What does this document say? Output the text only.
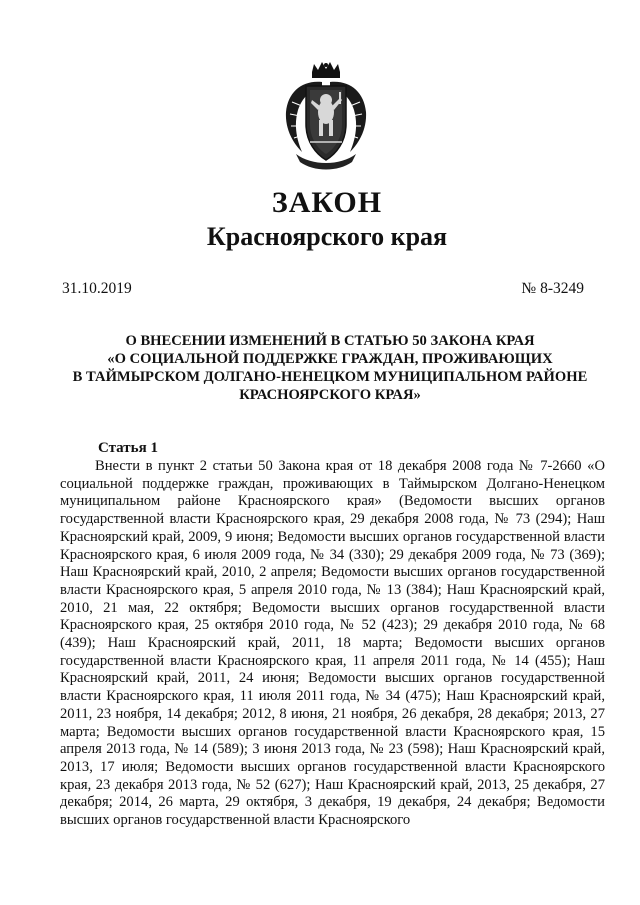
ЗАКОН
Красноярского края
31.10.2019	№ 8-3249
О ВНЕСЕНИИ ИЗМЕНЕНИЙ В СТАТЬЮ 50 ЗАКОНА КРАЯ
«О СОЦИАЛЬНОЙ ПОДДЕРЖКЕ ГРАЖДАН, ПРОЖИВАЮЩИХ
В ТАЙМЫРСКОМ ДОЛГАНО-НЕНЕЦКОМ МУНИЦИПАЛЬНОМ РАЙОНЕ
КРАСНОЯРСКОГО КРАЯ»
Статья 1

Внести в пункт 2 статьи 50 Закона края от 18 декабря 2008 года № 7-2660 «О социальной поддержке граждан, проживающих в Таймырском Долгано-Ненецком муниципальном районе Красноярского края» (Ведомости высших органов государственной власти Красноярского края, 29 декабря 2008 года, № 73 (294); Наш Красноярский край, 2009, 9 июня; Ведомости высших органов государственной власти Красноярского края, 6 июля 2009 года, № 34 (330); 29 декабря 2009 года, № 73 (369); Наш Красноярский край, 2010, 2 апреля; Ведомости высших органов государственной власти Красноярского края, 5 апреля 2010 года, № 13 (384); Наш Красноярский край, 2010, 21 мая, 22 октября; Ведомости высших органов государственной власти Красноярского края, 25 октября 2010 года, № 52 (423); 29 декабря 2010 года, № 68 (439); Наш Красноярский край, 2011, 18 марта; Ведомости высших органов государственной власти Красноярского края, 11 апреля 2011 года, № 14 (455); Наш Красноярский край, 2011, 24 июня; Ведомости высших органов государственной власти Красноярского края, 11 июля 2011 года, № 34 (475); Наш Красноярский край, 2011, 23 ноября, 14 декабря; 2012, 8 июня, 21 ноября, 26 декабря, 28 декабря; 2013, 27 марта; Ведомости высших органов государственной власти Красноярского края, 15 апреля 2013 года, № 14 (589); 3 июня 2013 года, № 23 (598); Наш Красноярский край, 2013, 17 июля; Ведомости высших органов государственной власти Красноярского края, 23 декабря 2013 года, № 52 (627); Наш Красноярский край, 2013, 25 декабря, 27 декабря; 2014, 26 марта, 29 октября, 3 декабря, 19 декабря, 24 декабря; Ведомости высших органов государственной власти Красноярского
